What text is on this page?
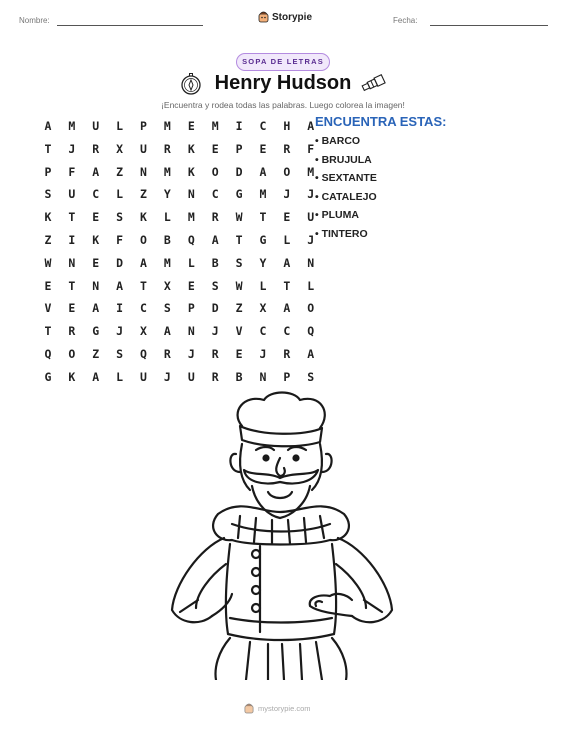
Nombre:	Storypie	Fecha:
SOPA DE LETRAS
Henry Hudson
¡Encuentra y rodea todas las palabras. Luego colorea la imagen!
A	M	U	L	P	M	E	M	I	C	H	A
T	J	R	X	U	R	K	E	P	E	R	F
P	F	A	Z	N	M	K	O	D	A	O	M
S	U	C	L	Z	Y	N	C	G	M	J	J
K	T	E	S	K	L	M	R	W	T	E	U
Z	I	K	F	O	B	Q	A	T	G	L	J
W	N	E	D	A	M	L	B	S	Y	A	N
E	T	N	A	T	X	E	S	W	L	T	L
V	E	A	I	C	S	P	D	Z	X	A	O
T	R	G	J	X	A	N	J	V	C	C	Q
Q	O	Z	S	Q	R	J	R	E	J	R	A
G	K	A	L	U	J	U	R	B	N	P	S
ENCUENTRA ESTAS:
• BARCO
• BRUJULA
• SEXTANTE
• CATALEJO
• PLUMA
• TINTERO
mystorypie.com
